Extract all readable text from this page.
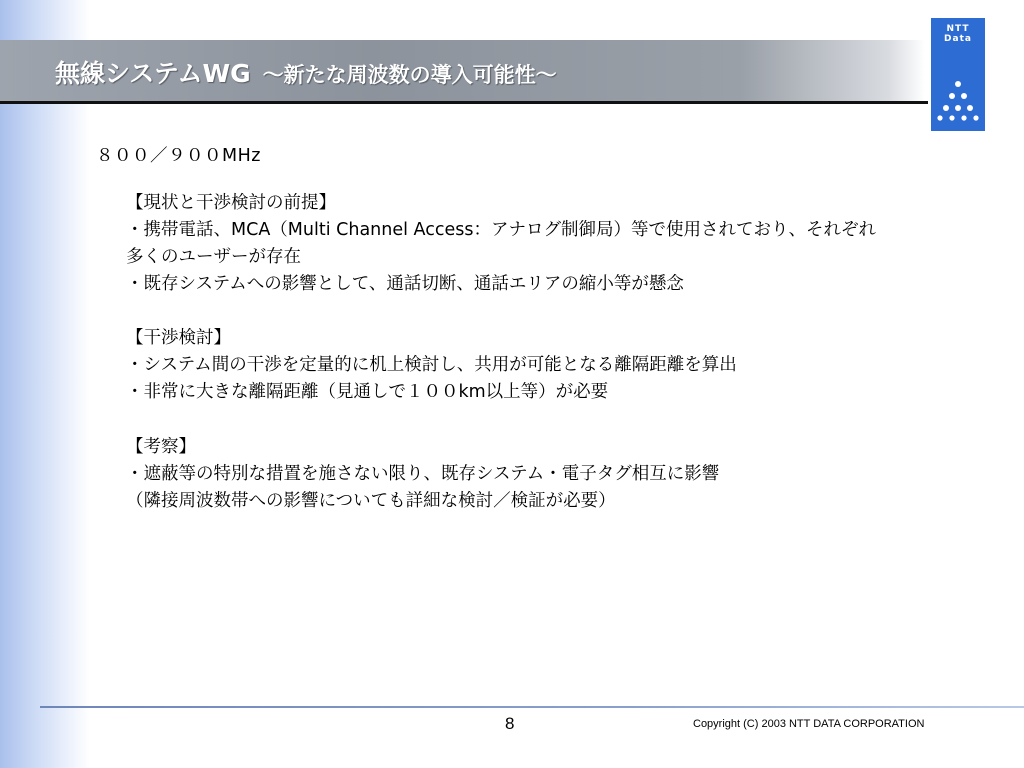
無線システムWG ～新たな周波数の導入可能性～
NTT
Data
８００／９００MHz
【現状と干渉検討の前提】
・携帯電話、MCA（Multi Channel Access：アナログ制御局）等で使用されており、それぞれ
多くのユーザーが存在
・既存システムへの影響として、通話切断、通話エリアの縮小等が懸念
【干渉検討】
・システム間の干渉を定量的に机上検討し、共用が可能となる離隔距離を算出
・非常に大きな離隔距離（見通しで１００km以上等）が必要
【考察】
・遮蔽等の特別な措置を施さない限り、既存システム・電子タグ相互に影響
（隣接周波数帯への影響についても詳細な検討／検証が必要）
8	Copyright (C) 2003 NTT DATA CORPORATION
